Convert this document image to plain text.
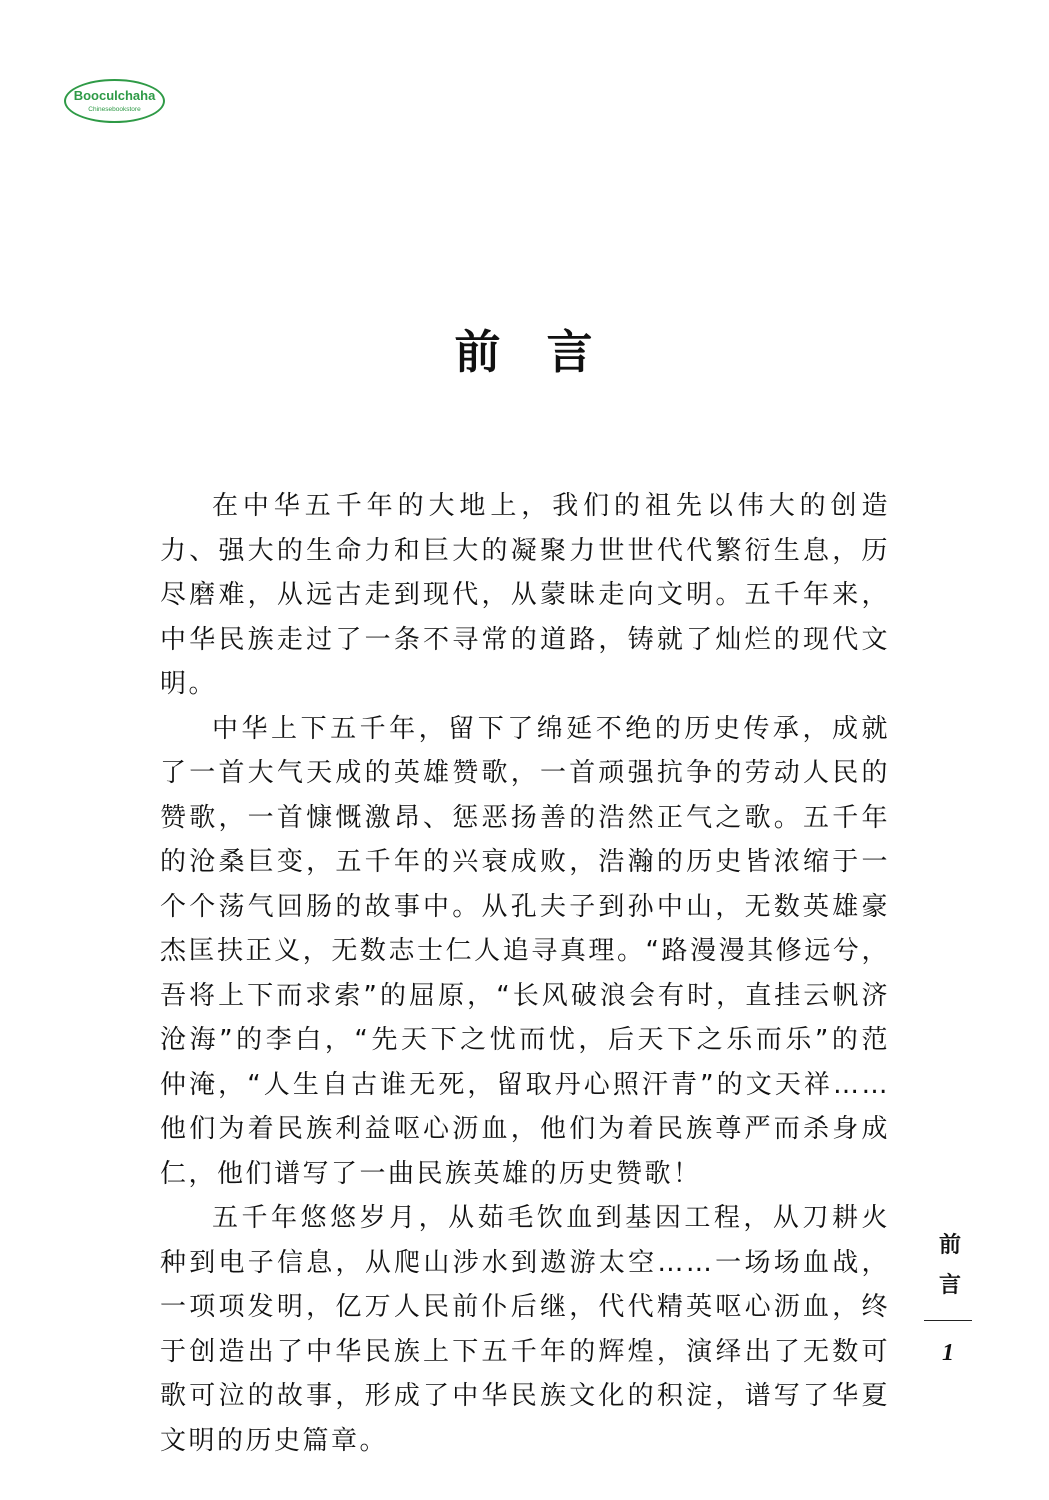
Booculchaha
Chinesebookstore
前 言

在中华五千年的大地上，我们的祖先以伟大的创造力、强大的生命力和巨大的凝聚力世世代代繁衍生息，历尽磨难，从远古走到现代，从蒙昧走向文明。五千年来，中华民族走过了一条不寻常的道路，铸就了灿烂的现代文明。

中华上下五千年，留下了绵延不绝的历史传承，成就了一首大气天成的英雄赞歌，一首顽强抗争的劳动人民的赞歌，一首慷慨激昂、惩恶扬善的浩然正气之歌。五千年的沧桑巨变，五千年的兴衰成败，浩瀚的历史皆浓缩于一个个荡气回肠的故事中。从孔夫子到孙中山，无数英雄豪杰匡扶正义，无数志士仁人追寻真理。“路漫漫其修远兮，吾将上下而求索”的屈原，“长风破浪会有时，直挂云帆济沧海”的李白，“先天下之忧而忧，后天下之乐而乐”的范仲淹，“人生自古谁无死，留取丹心照汗青”的文天祥……他们为着民族利益呕心沥血，他们为着民族尊严而杀身成仁，他们谱写了一曲民族英雄的历史赞歌！

五千年悠悠岁月，从茹毛饮血到基因工程，从刀耕火种到电子信息，从爬山涉水到遨游太空……一场场血战，一项项发明，亿万人民前仆后继，代代精英呕心沥血，终于创造出了中华民族上下五千年的辉煌，演绎出了无数可歌可泣的故事，形成了中华民族文化的积淀，谱写了华夏文明的历史篇章。

前
言
1
